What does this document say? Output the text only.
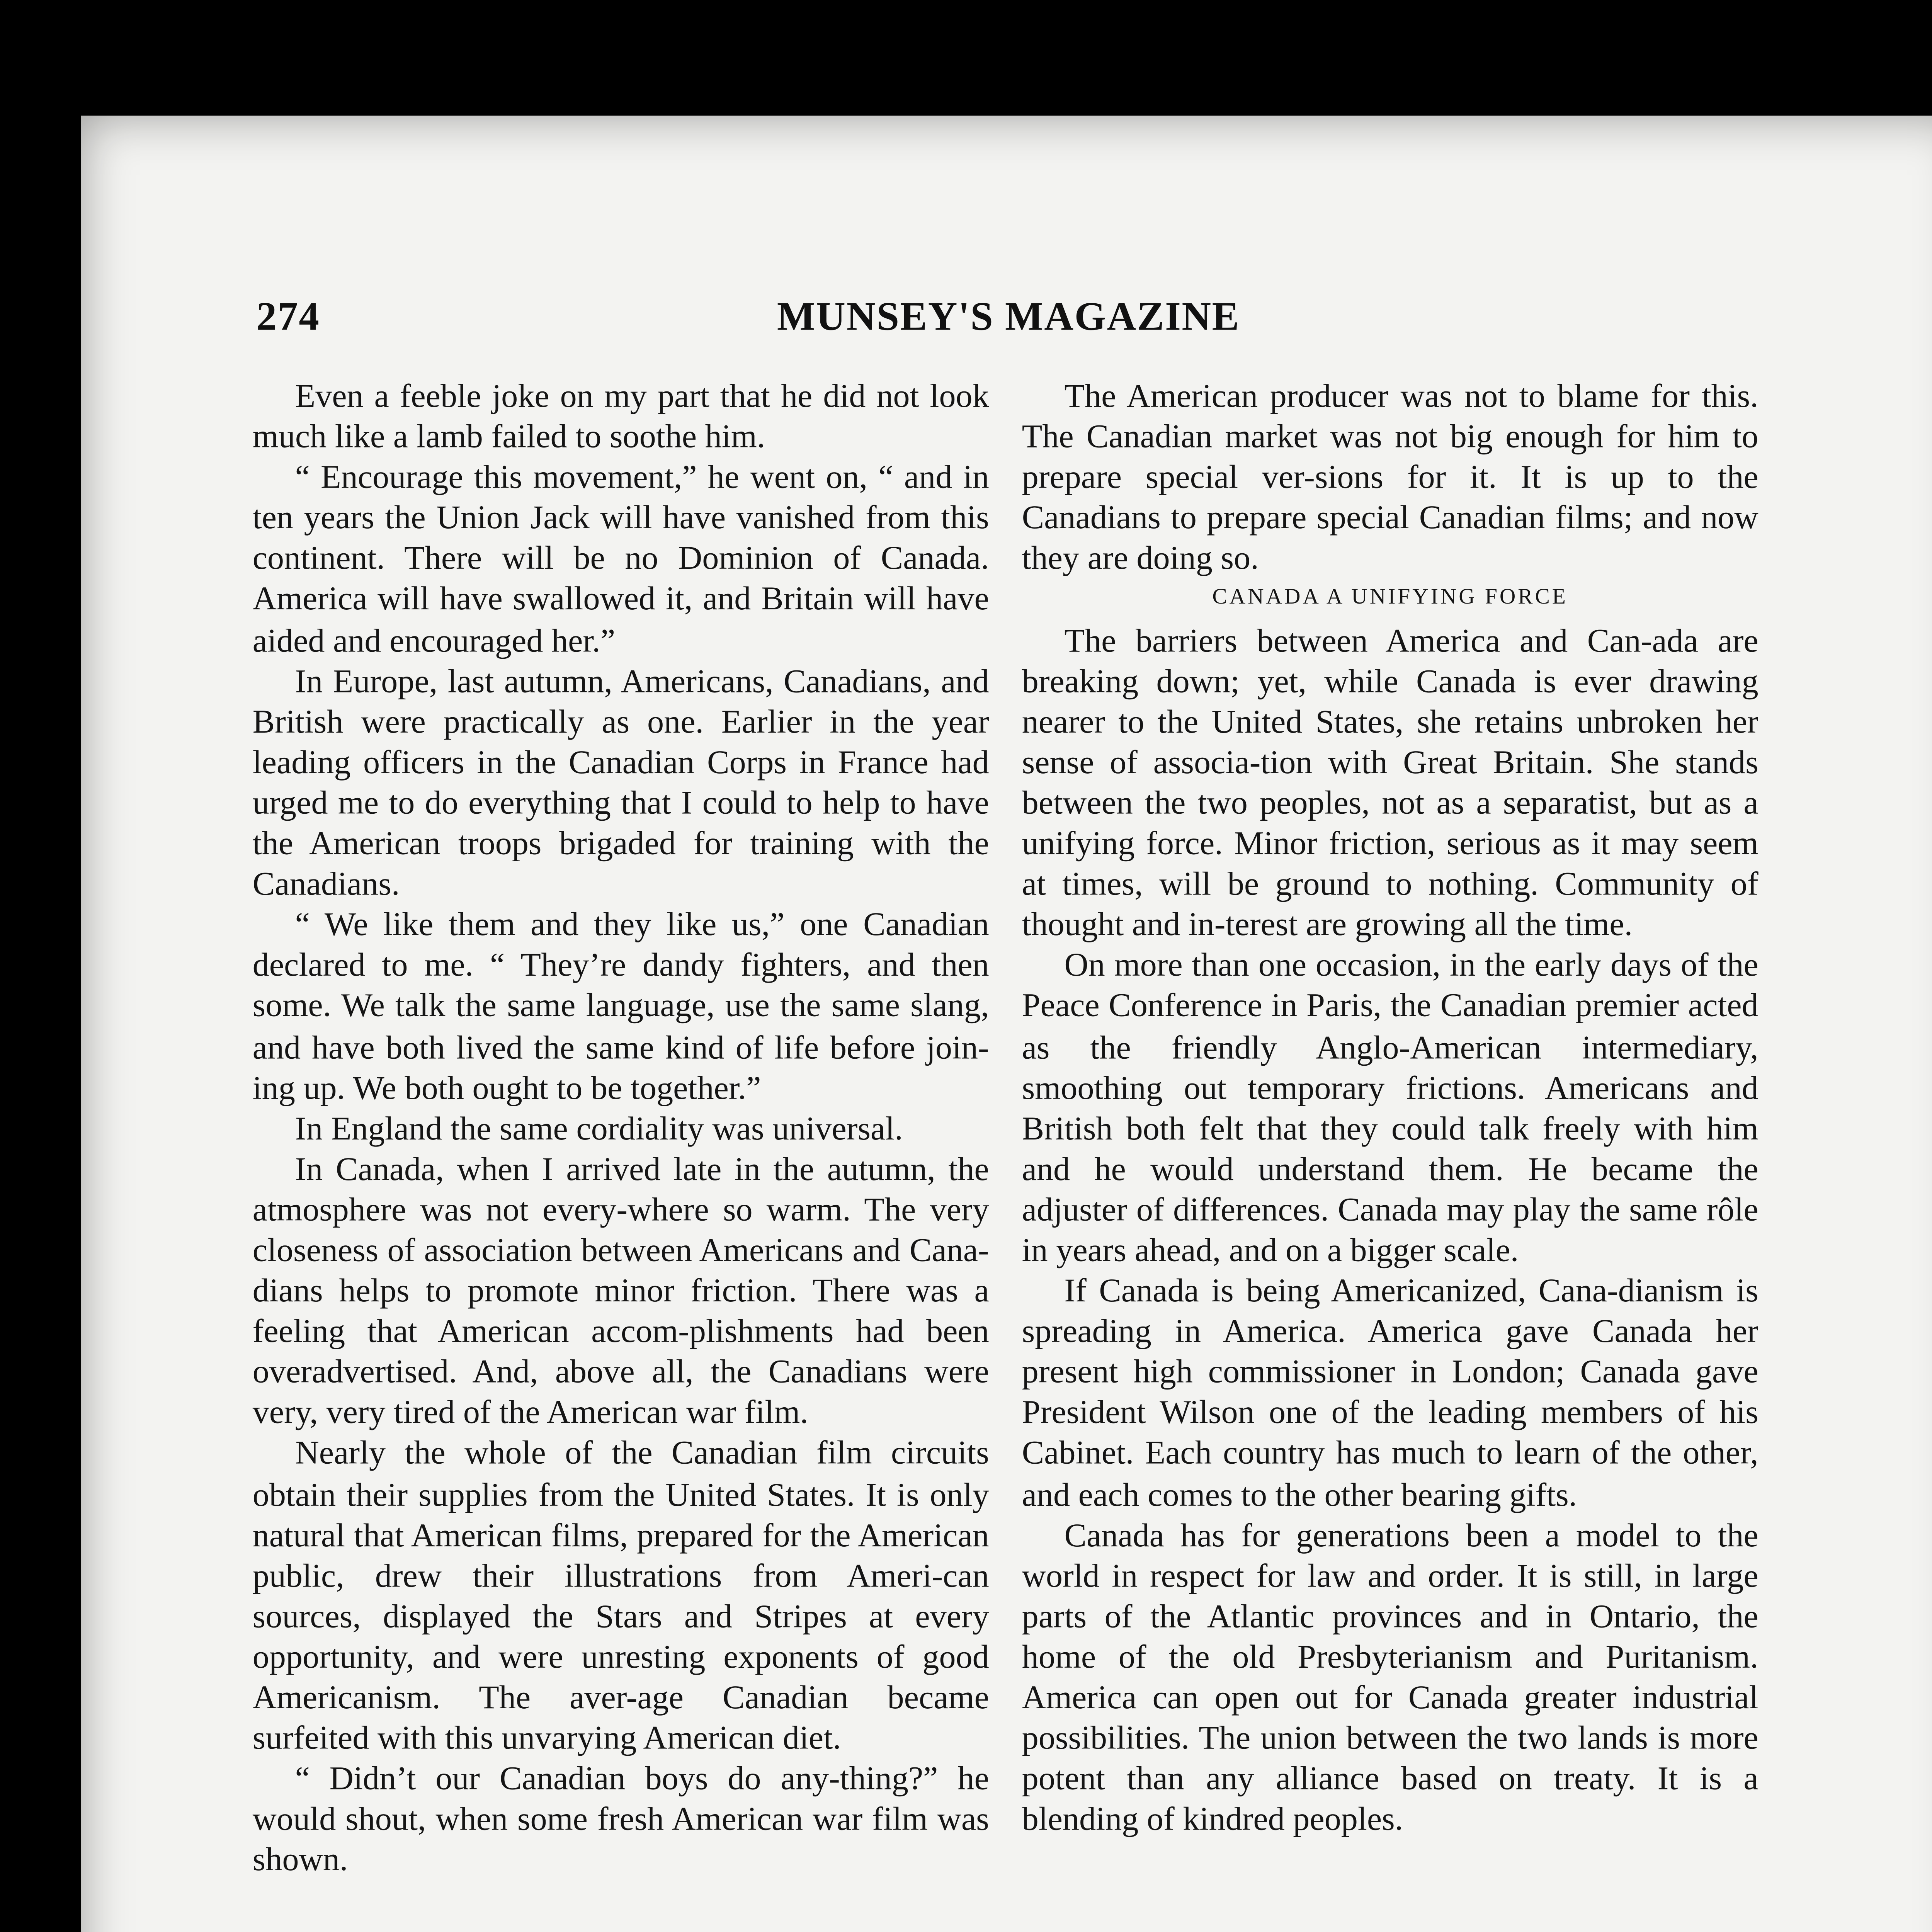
274	MUNSEY'S MAGAZINE

Even a feeble joke on my part that he did not look much like a lamb failed to soothe him.

“ Encourage this movement,” he went on, “ and in ten years the Union Jack will have vanished from this continent. There will be no Dominion of Canada. America will have swallowed it, and Britain will have aided and encouraged her.”

In Europe, last autumn, Americans, Canadians, and British were practically as one. Earlier in the year leading officers in the Canadian Corps in France had urged me to do everything that I could to help to have the American troops brigaded for training with the Canadians.

“ We like them and they like us,” one Canadian declared to me. “ They’re dandy fighters, and then some. We talk the same language, use the same slang, and have both lived the same kind of life before join-ing up. We both ought to be together.”

In England the same cordiality was universal.

In Canada, when I arrived late in the autumn, the atmosphere was not every-where so warm. The very closeness of association between Americans and Cana-dians helps to promote minor friction. There was a feeling that American accom-plishments had been overadvertised. And, above all, the Canadians were very, very tired of the American war film.

Nearly the whole of the Canadian film circuits obtain their supplies from the United States. It is only natural that American films, prepared for the American public, drew their illustrations from Ameri-can sources, displayed the Stars and Stripes at every opportunity, and were unresting exponents of good Americanism. The aver-age Canadian became surfeited with this unvarying American diet.

“ Didn’t our Canadian boys do any-thing?” he would shout, when some fresh American war film was shown.

The American producer was not to blame for this. The Canadian market was not big enough for him to prepare special ver-sions for it. It is up to the Canadians to prepare special Canadian films; and now they are doing so.

CANADA A UNIFYING FORCE

The barriers between America and Can-ada are breaking down; yet, while Canada is ever drawing nearer to the United States, she retains unbroken her sense of associa-tion with Great Britain. She stands between the two peoples, not as a separatist, but as a unifying force. Minor friction, serious as it may seem at times, will be ground to nothing. Community of thought and in-terest are growing all the time.

On more than one occasion, in the early days of the Peace Conference in Paris, the Canadian premier acted as the friendly Anglo-American intermediary, smoothing out temporary frictions. Americans and British both felt that they could talk freely with him and he would understand them. He became the adjuster of differences. Canada may play the same rôle in years ahead, and on a bigger scale.

If Canada is being Americanized, Cana-dianism is spreading in America. America gave Canada her present high commissioner in London; Canada gave President Wilson one of the leading members of his Cabinet. Each country has much to learn of the other, and each comes to the other bearing gifts.

Canada has for generations been a model to the world in respect for law and order. It is still, in large parts of the Atlantic provinces and in Ontario, the home of the old Presbyterianism and Puritanism. America can open out for Canada greater industrial possibilities. The union between the two lands is more potent than any alliance based on treaty. It is a blending of kindred peoples.
